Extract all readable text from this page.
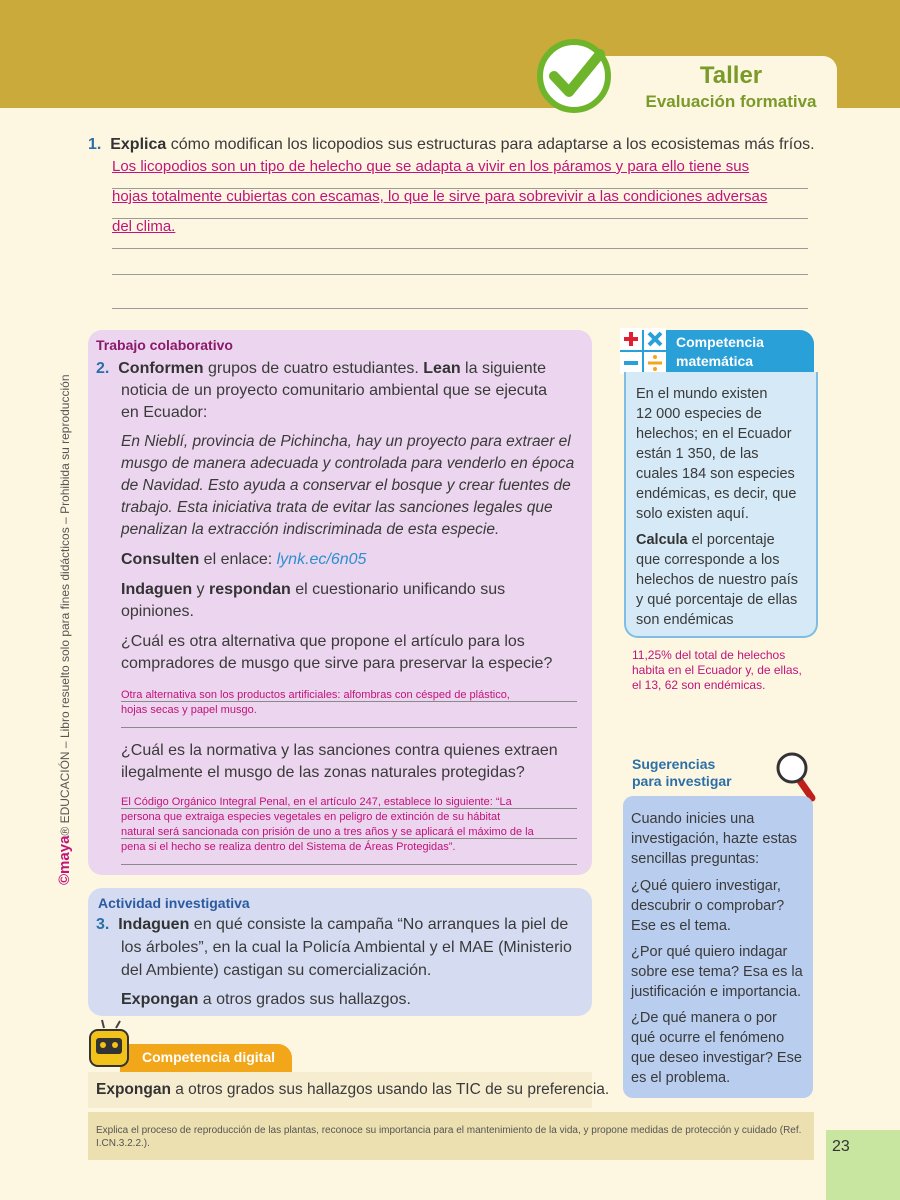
Taller
Evaluación formativa
©maya® EDUCACIÓN – Libro resuelto solo para fines didácticos – Prohibida su reproducción
1. Explica cómo modifican los licopodios sus estructuras para adaptarse a los ecosistemas más fríos.
Los licopodios son un tipo de helecho que se adapta a vivir en los páramos y para ello tiene sus
hojas totalmente cubiertas con escamas, lo que le sirve para sobrevivir a las condiciones adversas
del clima.
Trabajo colaborativo
2. Conformen grupos de cuatro estudiantes. Lean la siguiente
noticia de un proyecto comunitario ambiental que se ejecuta
en Ecuador:
En Nieblí, provincia de Pichincha, hay un proyecto para extraer el
musgo de manera adecuada y controlada para venderlo en época
de Navidad. Esto ayuda a conservar el bosque y crear fuentes de
trabajo. Esta iniciativa trata de evitar las sanciones legales que
penalizan la extracción indiscriminada de esta especie.
Consulten el enlace: lynk.ec/6n05
Indaguen y respondan el cuestionario unificando sus
opiniones.
¿Cuál es otra alternativa que propone el artículo para los
compradores de musgo que sirve para preservar la especie?
Otra alternativa son los productos artificiales: alfombras con césped de plástico,
hojas secas y papel musgo.
¿Cuál es la normativa y las sanciones contra quienes extraen
ilegalmente el musgo de las zonas naturales protegidas?
El Código Orgánico Integral Penal, en el artículo 247, establece lo siguiente: “La
persona que extraiga especies vegetales en peligro de extinción de su hábitat
natural será sancionada con prisión de uno a tres años y se aplicará el máximo de la
pena si el hecho se realiza dentro del Sistema de Áreas Protegidas”.
Actividad investigativa
3. Indaguen en qué consiste la campaña “No arranques la piel de
los árboles”, en la cual la Policía Ambiental y el MAE (Ministerio
del Ambiente) castigan su comercialización.
Expongan a otros grados sus hallazgos.
Competencia digital
Expongan a otros grados sus hallazgos usando las TIC de su preferencia.
Competencia
matemática
En el mundo existen
12 000 especies de
helechos; en el Ecuador
están 1 350, de las
cuales 184 son especies
endémicas, es decir, que
solo existen aquí.
Calcula el porcentaje
que corresponde a los
helechos de nuestro país
y qué porcentaje de ellas
son endémicas
11,25% del total de helechos
habita en el Ecuador y, de ellas,
el 13, 62 son endémicas.
Sugerencias
para investigar
Cuando inicies una
investigación, hazte estas
sencillas preguntas:
¿Qué quiero investigar,
descubrir o comprobar?
Ese es el tema.
¿Por qué quiero indagar
sobre ese tema? Esa es la
justificación e importancia.
¿De qué manera o por
qué ocurre el fenómeno
que deseo investigar? Ese
es el problema.
Explica el proceso de reproducción de las plantas, reconoce su importancia para el mantenimiento de la vida, y propone medidas de protección y cuidado (Ref.
I.CN.3.2.2.).	23
